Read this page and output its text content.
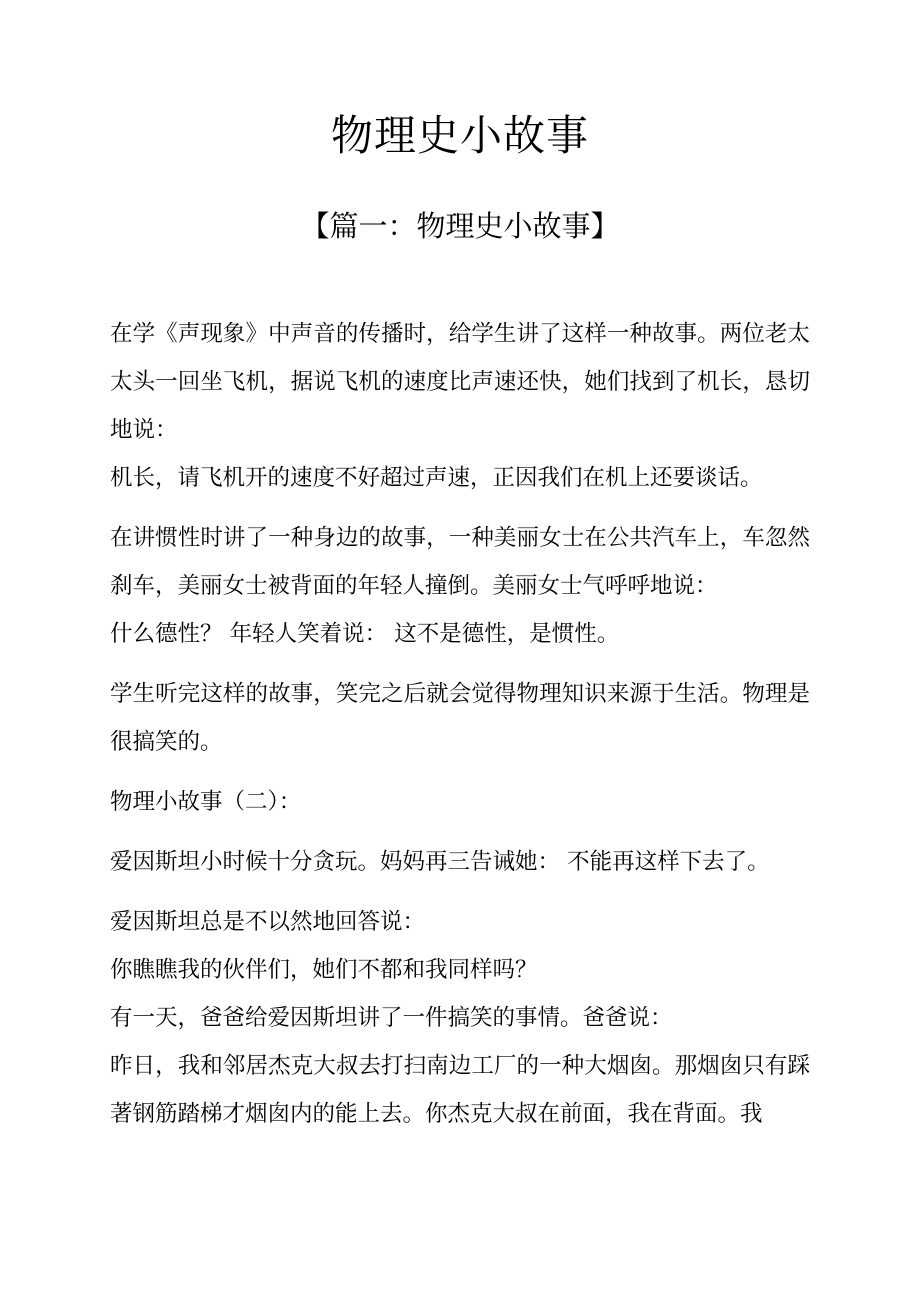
物理史小故事
【篇一：物理史小故事】

在学《声现象》中声音的传播时，给学生讲了这样一种故事。两位老太太头一回坐飞机，据说飞机的速度比声速还快，她们找到了机长，恳切地说：

机长，请飞机开的速度不好超过声速，正因我们在机上还要谈话。

在讲惯性时讲了一种身边的故事，一种美丽女士在公共汽车上，车忽然刹车，美丽女士被背面的年轻人撞倒。美丽女士气呼呼地说：

什么德性？ 年轻人笑着说： 这不是德性，是惯性。

学生听完这样的故事，笑完之后就会觉得物理知识来源于生活。物理是很搞笑的。

物理小故事（二）：

爱因斯坦小时候十分贪玩。妈妈再三告诫她： 不能再这样下去了。

爱因斯坦总是不以然地回答说：

你瞧瞧我的伙伴们，她们不都和我同样吗？

有一天，爸爸给爱因斯坦讲了一件搞笑的事情。爸爸说：

昨日，我和邻居杰克大叔去打扫南边工厂的一种大烟囱。那烟囱只有踩著钢筋踏梯才烟囱内的能上去。你杰克大叔在前面，我在背面。我
